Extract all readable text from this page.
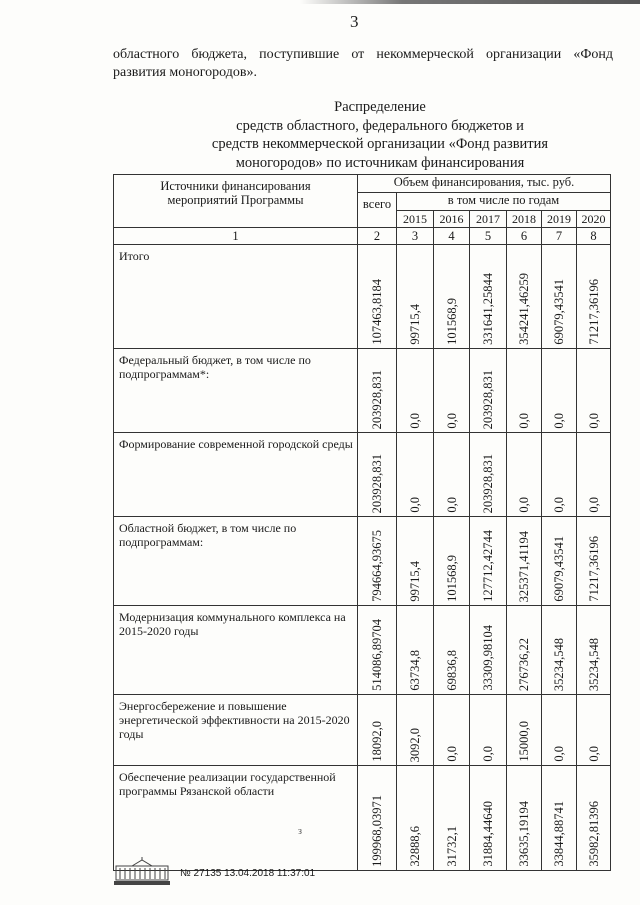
3
областного бюджета, поступившие от некоммерческой организации «Фонд
развития моногородов».
Распределение
средств областного, федерального бюджетов и
средств некоммерческой организации «Фонд развития
моногородов» по источникам финансирования
Источники финансирования мероприятий Программы	Объем финансирования, тыс. руб.						

	всего	в том числе по годам					
		2015	2016	2017	2018	2019	2020
1	2	3	4	5	6	7	8
Итого	107463,8184	99715,4	101568,9	331641,25844	354241,46259	69079,43541	71217,36196

Федеральный бюджет, в том числе по подпрограммам*:	203928,831	0,0	0,0	203928,831	0,0	0,0	0,0

Формирование современной городской среды	203928,831	0,0	0,0	203928,831	0,0	0,0	0,0

Областной бюджет, в том числе по подпрограммам:	794664,93675	99715,4	101568,9	127712,42744	325371,41194	69079,43541	71217,36196

Модернизация коммунального комплекса на 2015-2020 годы	514086,89704	63734,8	69836,8	33309,98104	276736,22	35234,548	35234,548

Энергосбережение и повышение энергетической эффективности на 2015-2020 годы	18092,0	3092,0	0,0	0,0	15000,0	0,0	0,0

Обеспечение реализации государственной программы Рязанской области	199968,03971	32888,6	31732,1	31884,44640	33635,19194	33844,88741	35982,81396
з
№ 27135 13.04.2018 11:37:01
